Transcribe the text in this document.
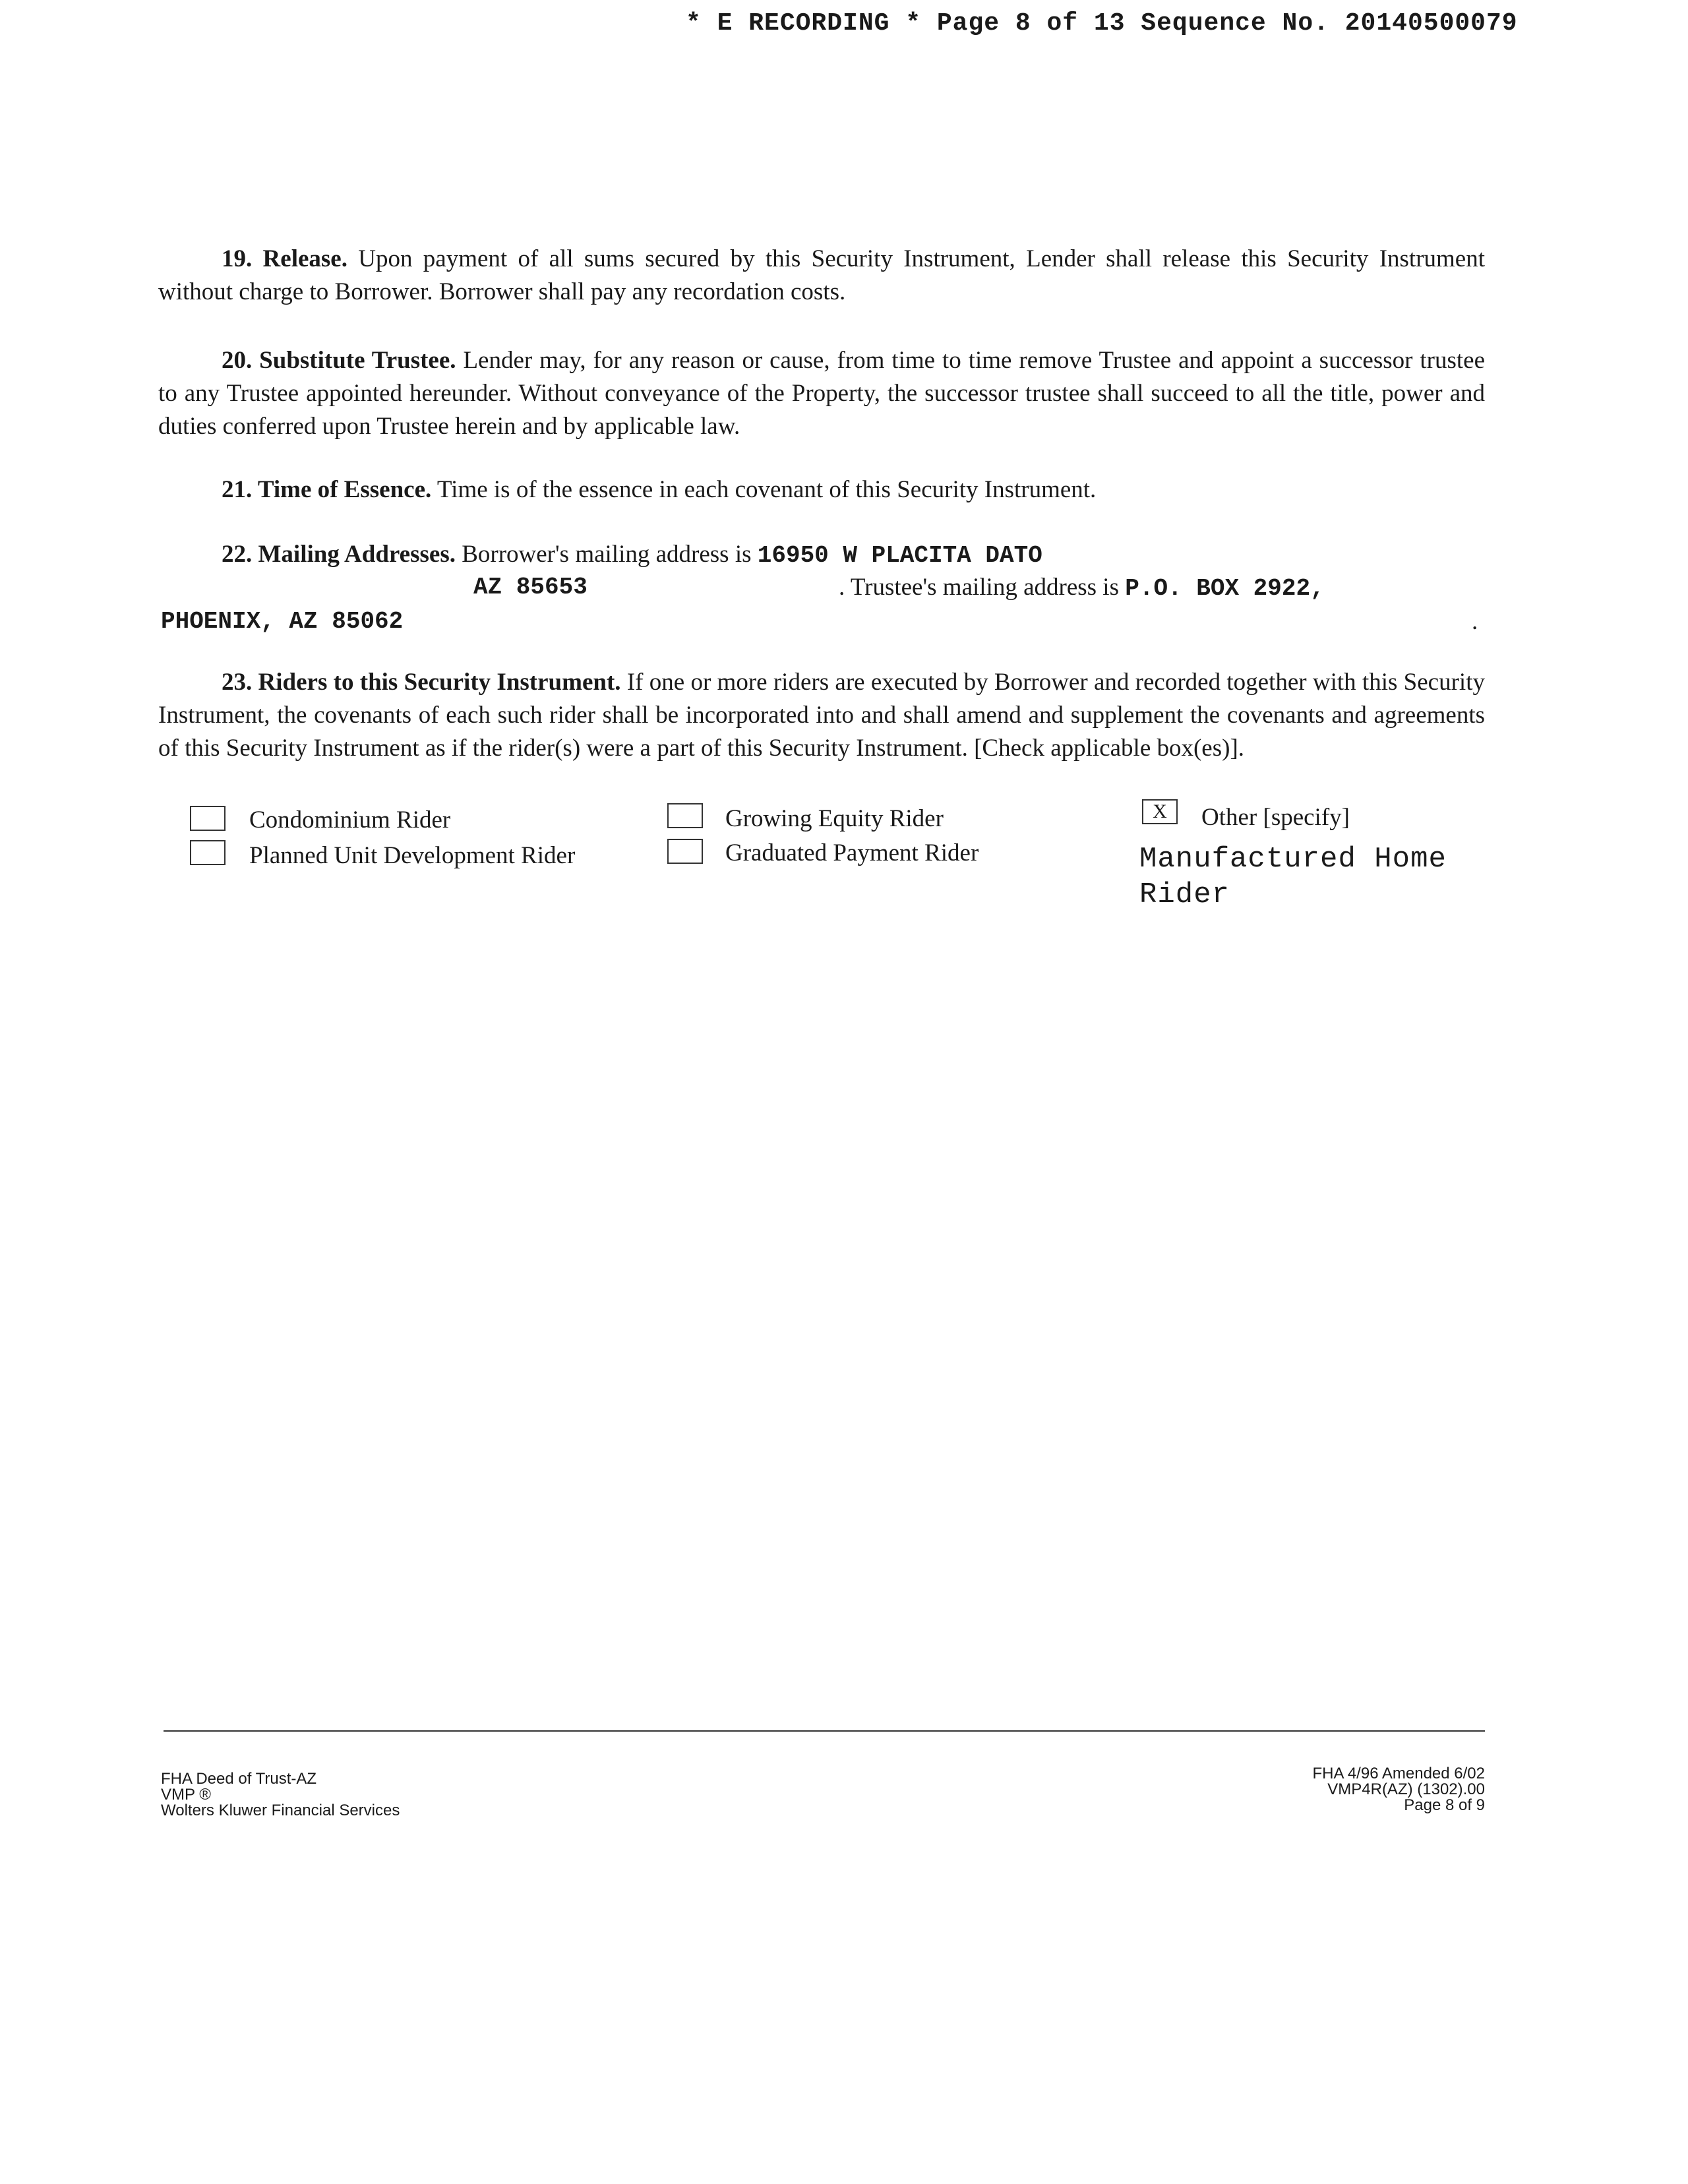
* E RECORDING * Page 8 of 13 Sequence No. 20140500079
19. Release. Upon payment of all sums secured by this Security Instrument, Lender shall release this Security Instrument without charge to Borrower. Borrower shall pay any recordation costs.
20. Substitute Trustee. Lender may, for any reason or cause, from time to time remove Trustee and appoint a successor trustee to any Trustee appointed hereunder. Without conveyance of the Property, the successor trustee shall succeed to all the title, power and duties conferred upon Trustee herein and by applicable law.
21. Time of Essence. Time is of the essence in each covenant of this Security Instrument.
22. Mailing Addresses. Borrower's mailing address is 16950 W PLACITA DATO
AZ 85653	. Trustee's mailing address is P.O. BOX 2922,
PHOENIX, AZ 85062	.
23. Riders to this Security Instrument. If one or more riders are executed by Borrower and recorded together with this Security Instrument, the covenants of each such rider shall be incorporated into and shall amend and supplement the covenants and agreements of this Security Instrument as if the rider(s) were a part of this Security Instrument. [Check applicable box(es)].
Condominium Rider
Planned Unit Development Rider
Growing Equity Rider
Graduated Payment Rider
X	Other [specify]
Manufactured Home
Rider
FHA Deed of Trust-AZ
VMP ®
Wolters Kluwer Financial Services
FHA 4/96 Amended 6/02
VMP4R(AZ) (1302).00
Page 8 of 9
